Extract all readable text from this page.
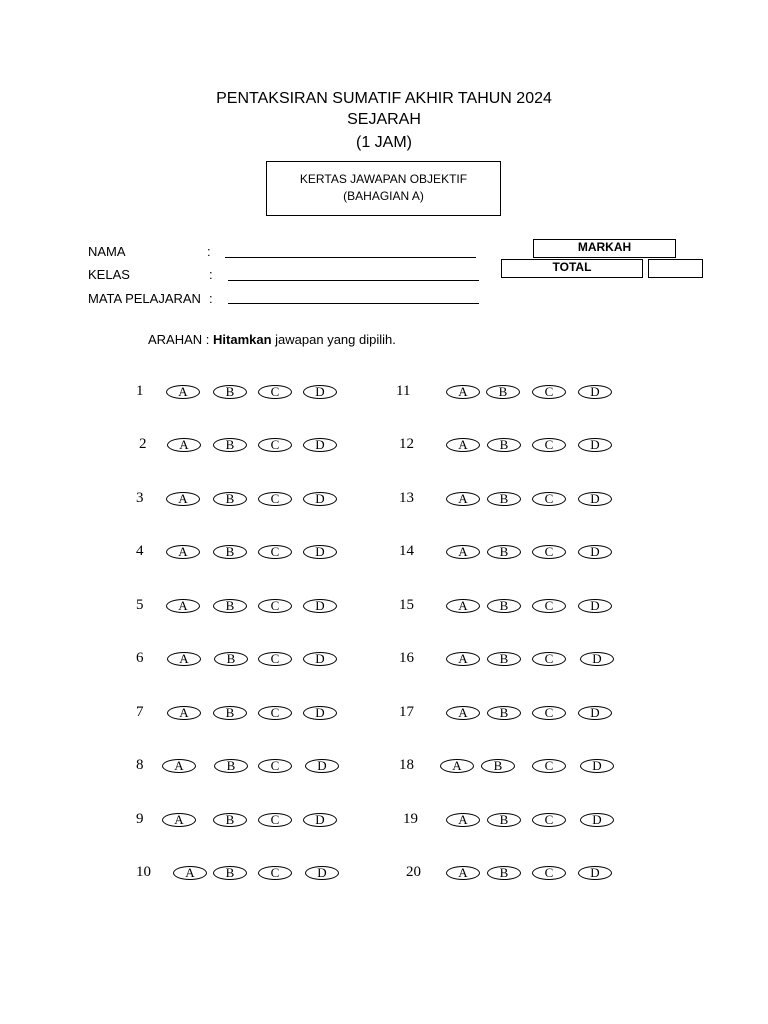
PENTAKSIRAN SUMATIF AKHIR TAHUN 2024
SEJARAH
(1 JAM)
KERTAS JAWAPAN OBJEKTIF
(BAHAGIAN A)
NAMA	:
KELAS	:
MATA PELAJARAN :
MARKAH
TOTAL
ARAHAN : Hitamkan jawapan yang dipilih.
1	A	B	C	D	11	A	B	C	D
2	A	B	C	D	12	A	B	C	D
3	A	B	C	D	13	A	B	C	D
4	A	B	C	D	14	A	B	C	D
5	A	B	C	D	15	A	B	C	D
6	A	B	C	D	16	A	B	C	D
7	A	B	C	D	17	A	B	C	D
8	A	B	C	D	18	A	B	C	D
9	A	B	C	D	19	A	B	C	D
10	A	B	C	D	20	A	B	C	D
